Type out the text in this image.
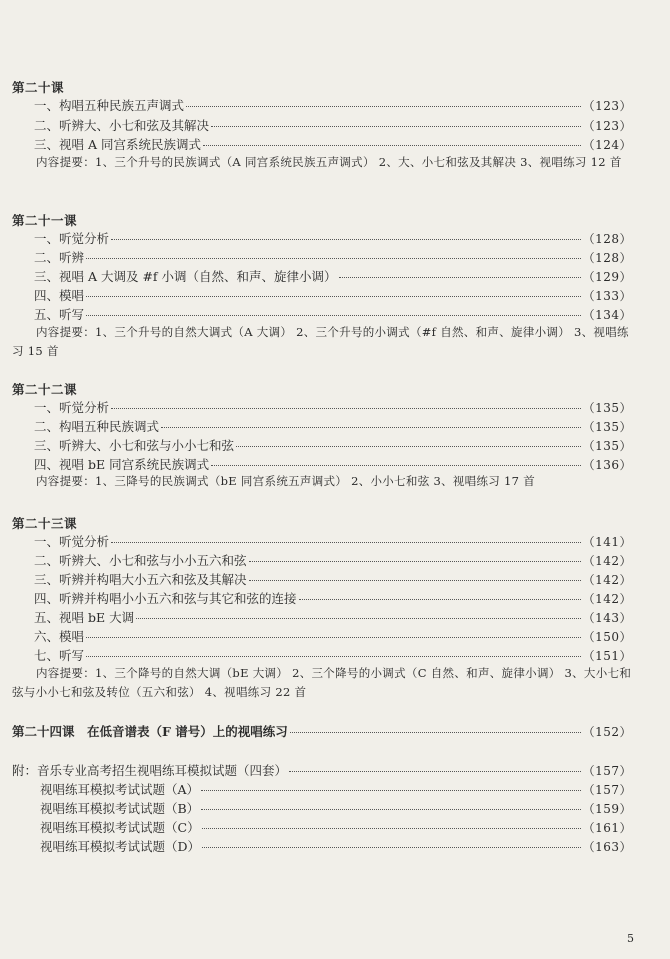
第二十课
一、构唱五种民族五声调式	（123）
二、听辨大、小七和弦及其解决	（123）
三、视唱 A 同宫系统民族调式	（124）
内容提要：1、三个升号的民族调式（A 同宫系统民族五声调式） 2、大、小七和弦及其解决 3、视唱练习 12 首
第二十一课
一、听觉分析	（128）
二、听辨	（128）
三、视唱 A 大调及 #f 小调（自然、和声、旋律小调）	（129）
四、模唱	（133）
五、听写	（134）
内容提要：1、三个升号的自然大调式（A 大调） 2、三个升号的小调式（#f 自然、和声、旋律小调） 3、视唱练习 15 首
第二十二课
一、听觉分析	（135）
二、构唱五种民族调式	（135）
三、听辨大、小七和弦与小小七和弦	（135）
四、视唱 bE 同宫系统民族调式	（136）
内容提要：1、三降号的民族调式（bE 同宫系统五声调式） 2、小小七和弦 3、视唱练习 17 首
第二十三课
一、听觉分析	（141）
二、听辨大、小七和弦与小小五六和弦	（142）
三、听辨并构唱大小五六和弦及其解决	（142）
四、听辨并构唱小小五六和弦与其它和弦的连接	（142）
五、视唱 bE 大调	（143）
六、模唱	（150）
七、听写	（151）
内容提要：1、三个降号的自然大调（bE 大调） 2、三个降号的小调式（C 自然、和声、旋律小调） 3、大小七和弦与小小七和弦及转位（五六和弦） 4、视唱练习 22 首
第二十四课　在低音谱表（F 谱号）上的视唱练习	（152）
附：音乐专业高考招生视唱练耳模拟试题（四套）	（157）
视唱练耳模拟考试试题（A）	（157）
视唱练耳模拟考试试题（B）	（159）
视唱练耳模拟考试试题（C）	（161）
视唱练耳模拟考试试题（D）	（163）
5
